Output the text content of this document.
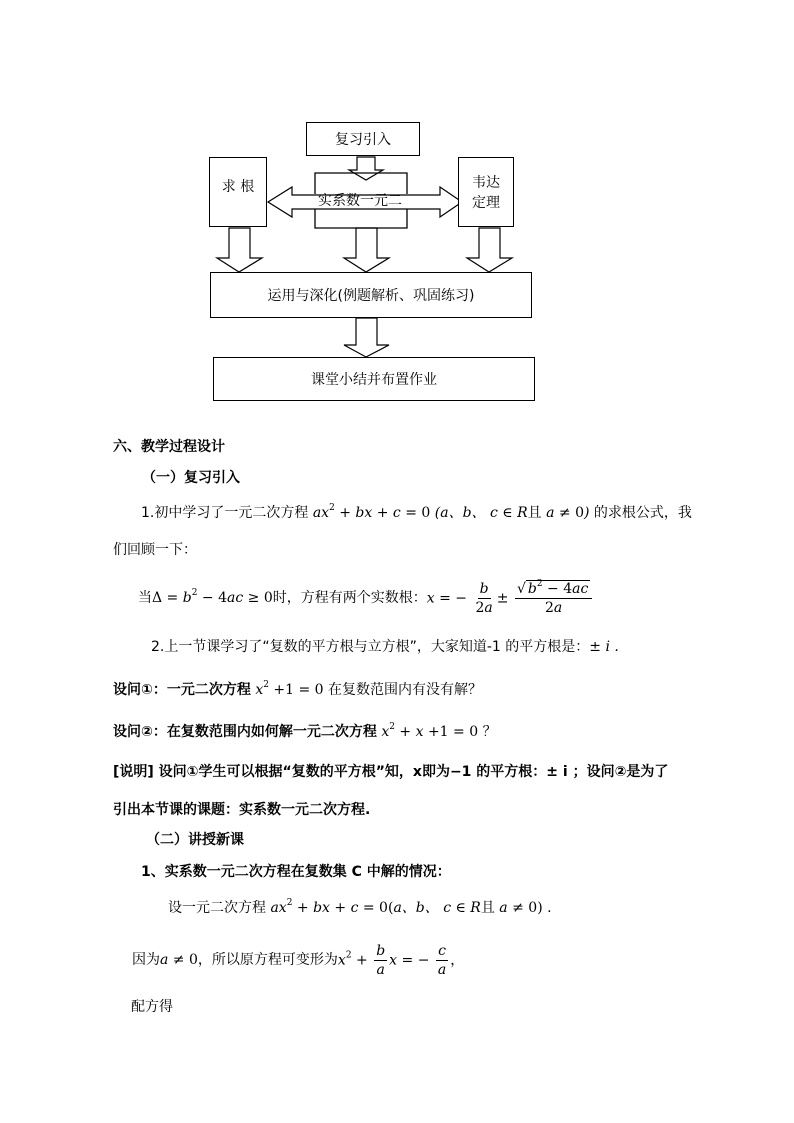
复习引入
求 根
实系数一元二
韦达
定理
运用与深化(例题解析、巩固练习)
课堂小结并布置作业
六、教学过程设计
（一）复习引入
1.初中学习了一元二次方程 $ax^2$ + bx + c = 0 (a、b、 c ∈ R且 a ≠ 0) 的求根公式，我
们回顾一下：
当 $\Delta = b^2 - 4ac \ge 0$ 时，方程有两个实数根： x = − $\frac{b}{2a} \pm \frac{√ b^2 - 4ac}{2a}$
2.上一节课学习了“复数的平方根与立方根”，大家知道-1 的平方根是：± i .
设问①：一元二次方程 $x^2 +1 = 0$ 在复数范围内有没有解？
设问②：在复数范围内如何解一元二次方程 $x^2 + x +1 = 0$ ？
[说明] 设问①学生可以根据“复数的平方根”知，x即为−1 的平方根：± i ；设问②是为了
引出本节课的课题：实系数一元二次方程.
（二）讲授新课
1、实系数一元二次方程在复数集 C 中解的情况：
设一元二次方程 $ax^2$ + bx + c = 0(a、b、 c ∈ R且 a ≠ 0) .
因为 a ≠ 0 ，所以原方程可变形为 $x^2 + \frac{b}{a}$ x = − $\frac{c}{a}$ ，
配方得
